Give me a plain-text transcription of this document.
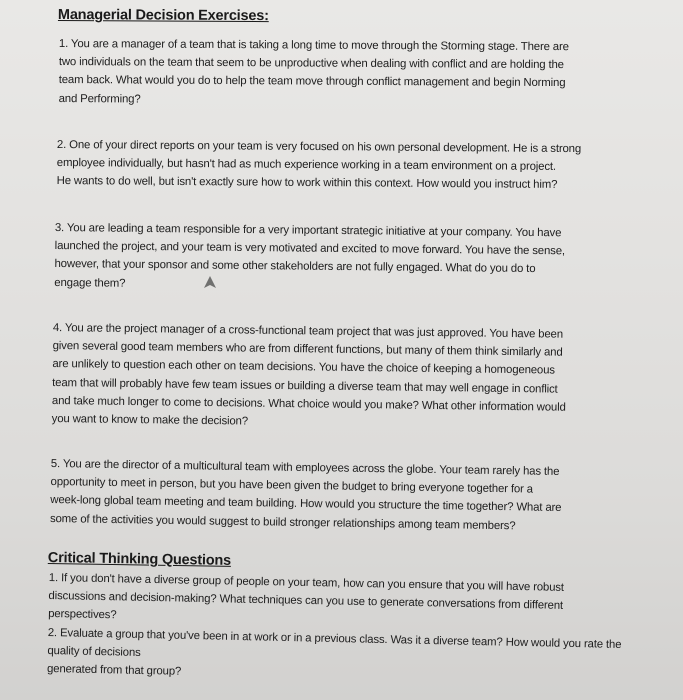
Managerial Decision Exercises:
1. You are a manager of a team that is taking a long time to move through the Storming stage. There are
two individuals on the team that seem to be unproductive when dealing with conflict and are holding the
team back. What would you do to help the team move through conflict management and begin Norming
and Performing?
2. One of your direct reports on your team is very focused on his own personal development. He is a strong
employee individually, but hasn't had as much experience working in a team environment on a project.
He wants to do well, but isn't exactly sure how to work within this context. How would you instruct him?
3. You are leading a team responsible for a very important strategic initiative at your company. You have
launched the project, and your team is very motivated and excited to move forward. You have the sense,
however, that your sponsor and some other stakeholders are not fully engaged. What do you do to
engage them?
4. You are the project manager of a cross-functional team project that was just approved. You have been
given several good team members who are from different functions, but many of them think similarly and
are unlikely to question each other on team decisions. You have the choice of keeping a homogeneous
team that will probably have few team issues or building a diverse team that may well engage in conflict
and take much longer to come to decisions. What choice would you make? What other information would
you want to know to make the decision?
5. You are the director of a multicultural team with employees across the globe. Your team rarely has the
opportunity to meet in person, but you have been given the budget to bring everyone together for a
week-long global team meeting and team building. How would you structure the time together? What are
some of the activities you would suggest to build stronger relationships among team members?
Critical Thinking Questions
1. If you don't have a diverse group of people on your team, how can you ensure that you will have robust
discussions and decision-making? What techniques can you use to generate conversations from different
perspectives?
2. Evaluate a group that you've been in at work or in a previous class. Was it a diverse team? How would you rate the
quality of decisions
generated from that group?
